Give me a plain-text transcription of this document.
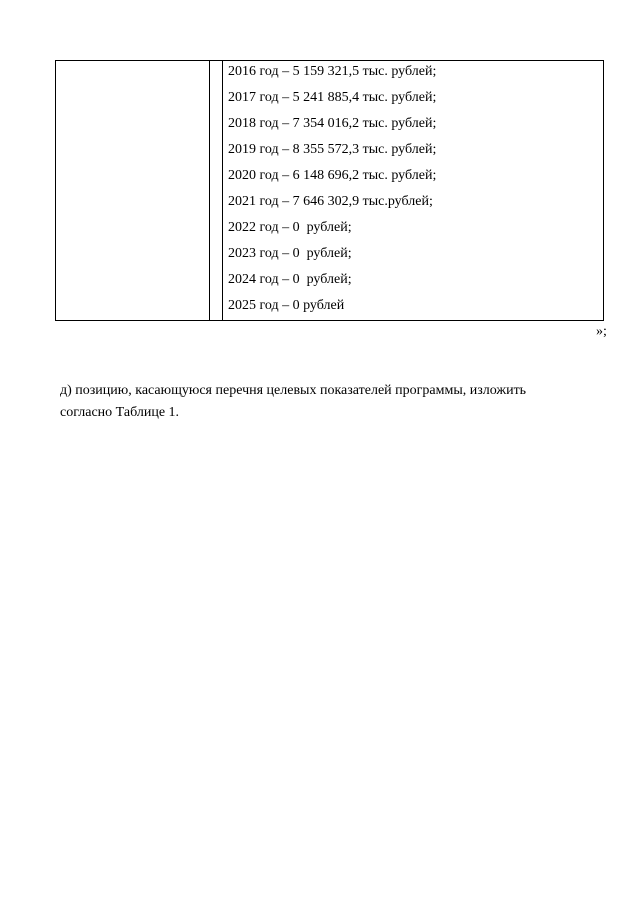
2016 год – 5 159 321,5 тыс. рублей;
2017 год – 5 241 885,4 тыс. рублей;
2018 год – 7 354 016,2 тыс. рублей;
2019 год – 8 355 572,3 тыс. рублей;
2020 год – 6 148 696,2 тыс. рублей;
2021 год – 7 646 302,9 тыс.рублей;
2022 год – 0  рублей;
2023 год – 0  рублей;
2024 год – 0  рублей;
2025 год – 0 рублей
»;
д) позицию, касающуюся перечня целевых показателей программы, изложить
согласно Таблице 1.
